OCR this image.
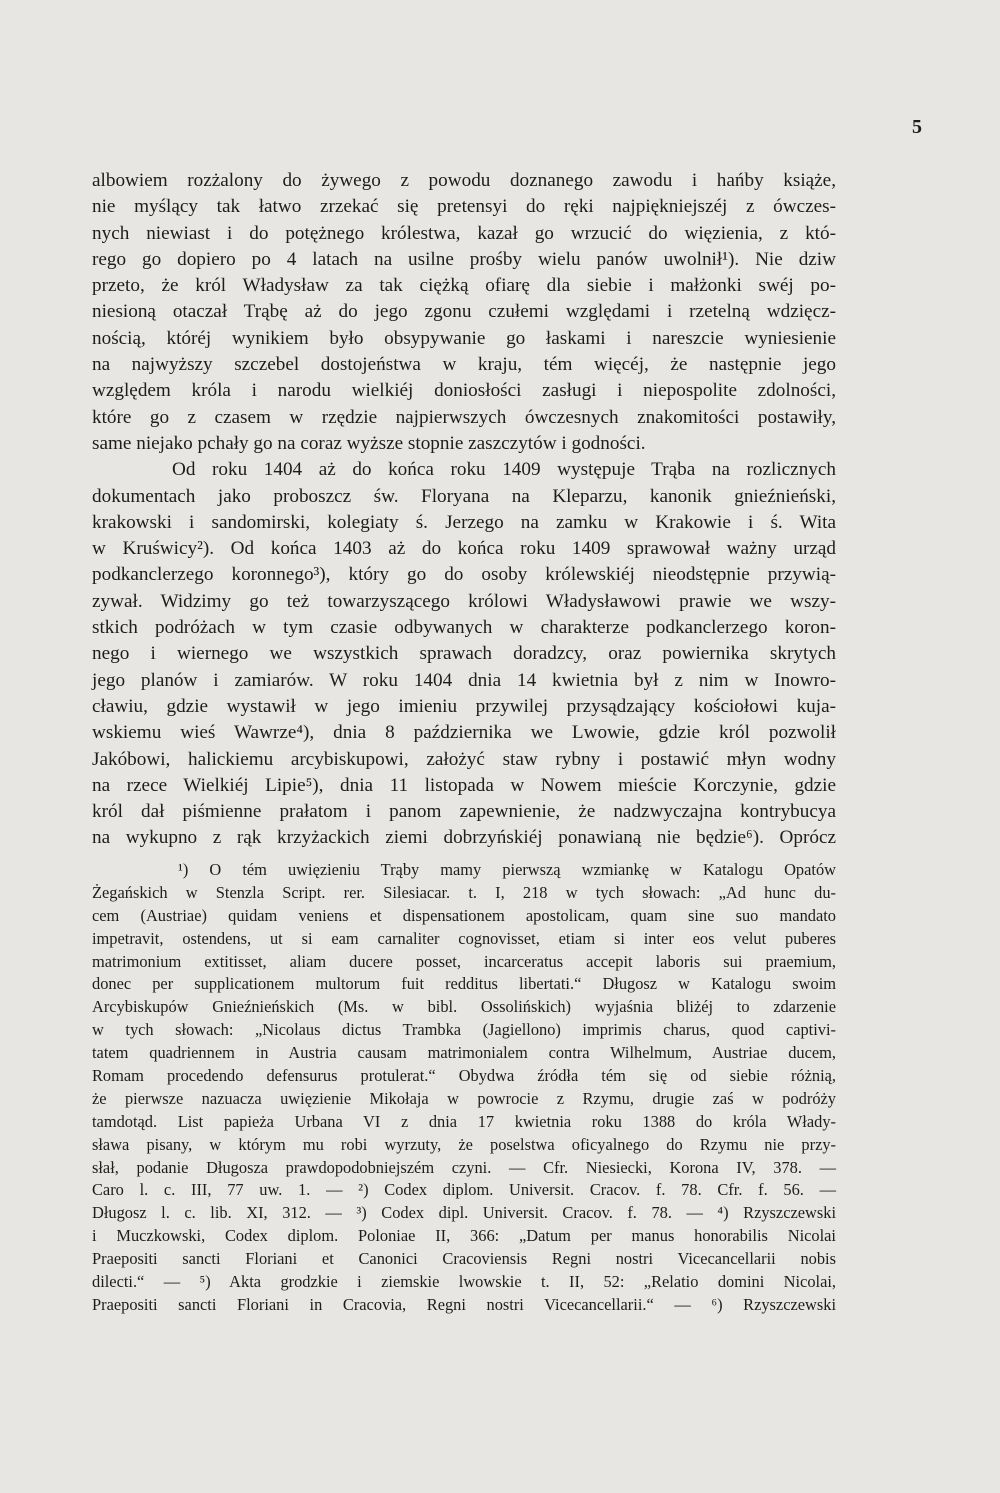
5
albowiem rozżalony do żywego z powodu doznanego zawodu i hańby książe,
nie myślący tak łatwo zrzekać się pretensyi do ręki najpiękniejszéj z ówczes-
nych niewiast i do potężnego królestwa, kazał go wrzucić do więzienia, z któ-
rego go dopiero po 4 latach na usilne prośby wielu panów uwolnił¹). Nie dziw
przeto, że król Władysław za tak ciężką ofiarę dla siebie i małżonki swéj po-
niesioną otaczał Trąbę aż do jego zgonu czułemi względami i rzetelną wdzięcz-
nością, któréj wynikiem było obsypywanie go łaskami i nareszcie wyniesienie
na najwyższy szczebel dostojeństwa w kraju, tém więcéj, że następnie jego
względem króla i narodu wielkiéj doniosłości zasługi i niepospolite zdolności,
które go z czasem w rzędzie najpierwszych ówczesnych znakomitości postawiły,
same niejako pchały go na coraz wyższe stopnie zaszczytów i godności.
Od roku 1404 aż do końca roku 1409 występuje Trąba na rozlicznych
dokumentach jako proboszcz św. Floryana na Kleparzu, kanonik gnieźnieński,
krakowski i sandomirski, kolegiaty ś. Jerzego na zamku w Krakowie i ś. Wita
w Kruświcy²). Od końca 1403 aż do końca roku 1409 sprawował ważny urząd
podkanclerzego koronnego³), który go do osoby królewskiéj nieodstępnie przywią-
zywał. Widzimy go też towarzyszącego królowi Władysławowi prawie we wszy-
stkich podróżach w tym czasie odbywanych w charakterze podkanclerzego koron-
nego i wiernego we wszystkich sprawach doradzcy, oraz powiernika skrytych
jego planów i zamiarów. W roku 1404 dnia 14 kwietnia był z nim w Inowro-
cławiu, gdzie wystawił w jego imieniu przywilej przysądzający kościołowi kuja-
wskiemu wieś Wawrze⁴), dnia 8 października we Lwowie, gdzie król pozwolił
Jakóbowi, halickiemu arcybiskupowi, założyć staw rybny i postawić młyn wodny
na rzece Wielkiéj Lipie⁵), dnia 11 listopada w Nowem mieście Korczynie, gdzie
król dał piśmienne prałatom i panom zapewnienie, że nadzwyczajna kontrybucya
na wykupno z rąk krzyżackich ziemi dobrzyńskiéj ponawianą nie będzie⁶). Oprócz
¹) O tém uwięzieniu Trąby mamy pierwszą wzmiankę w Katalogu Opatów
Żegańskich w Stenzla Script. rer. Silesiacar. t. I, 218 w tych słowach: „Ad hunc du-
cem (Austriae) quidam veniens et dispensationem apostolicam, quam sine suo mandato
impetravit, ostendens, ut si eam carnaliter cognovisset, etiam si inter eos velut puberes
matrimonium extitisset, aliam ducere posset, incarceratus accepit laboris sui praemium,
donec per supplicationem multorum fuit redditus libertati.“ Długosz w Katalogu swoim
Arcybiskupów Gnieźnieńskich (Ms. w bibl. Ossolińskich) wyjaśnia bliżéj to zdarzenie
w tych słowach: „Nicolaus dictus Trambka (Jagiellono) imprimis charus, quod captivi-
tatem quadriennem in Austria causam matrimonialem contra Wilhelmum, Austriae ducem,
Romam procedendo defensurus protulerat.“ Obydwa źródła tém się od siebie różnią,
że pierwsze nazuacza uwięzienie Mikołaja w powrocie z Rzymu, drugie zaś w podróży
tamdotąd. List papieża Urbana VI z dnia 17 kwietnia roku 1388 do króla Włady-
sława pisany, w którym mu robi wyrzuty, że poselstwa oficyalnego do Rzymu nie przy-
słał, podanie Długosza prawdopodobniejszém czyni. — Cfr. Niesiecki, Korona IV, 378. —
Caro l. c. III, 77 uw. 1. — ²) Codex diplom. Universit. Cracov. f. 78. Cfr. f. 56. —
Długosz l. c. lib. XI, 312. — ³) Codex dipl. Universit. Cracov. f. 78. — ⁴) Rzyszczewski
i Muczkowski, Codex diplom. Poloniae II, 366: „Datum per manus honorabilis Nicolai
Praepositi sancti Floriani et Canonici Cracoviensis Regni nostri Vicecancellarii nobis
dilecti.“ — ⁵) Akta grodzkie i ziemskie lwowskie t. II, 52: „Relatio domini Nicolai,
Praepositi sancti Floriani in Cracovia, Regni nostri Vicecancellarii.“ — ⁶) Rzyszczewski
